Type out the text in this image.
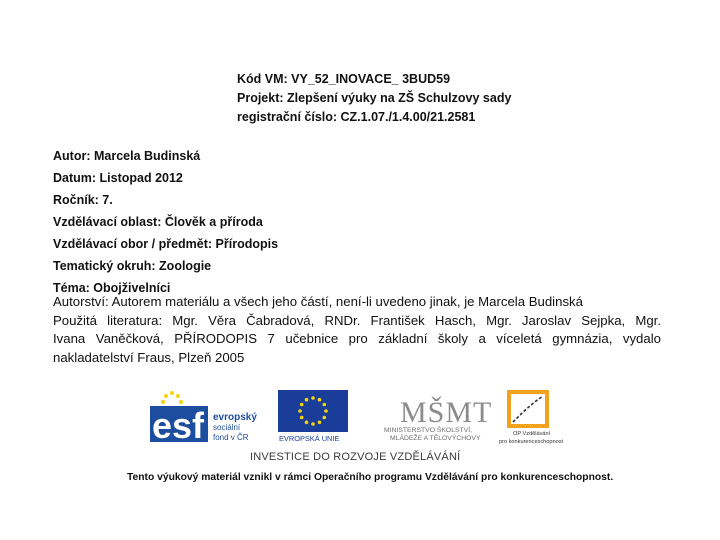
Kód VM: VY_52_INOVACE_ 3BUD59
Projekt: Zlepšení výuky na ZŠ Schulzovy sady
registrační číslo: CZ.1.07./1.4.00/21.2581
Autor: Marcela Budinská
Datum: Listopad 2012
Ročník: 7.
Vzdělávací oblast: Člověk a příroda
Vzdělávací obor / předmět: Přírodopis
Tematický okruh: Zoologie
Téma: Obojživelníci

Autorství: Autorem materiálu a všech jeho částí, není-li uvedeno jinak, je Marcela Budinská

Použitá literatura: Mgr. Věra Čabradová, RNDr. František Hasch, Mgr. Jaroslav Sejpka, Mgr.

Ivana Vaněčková, PŘÍRODOPIS 7 učebnice pro základní školy a víceletá gymnázia, vydalo

nakladatelství Fraus, Plzeň 2005

esf evropský
sociální
fond v ČR	EVROPSKÁ UNIE
MŠMT
MINISTERSTVO ŠKOLSTVÍ,
MLÁDEŽE A TĚLOVÝCHOVY
OP Vzdělávání
pro konkurenceschopnost
INVESTICE DO ROZVOJE VZDĚLÁVÁNÍ
Tento výukový materiál vznikl v rámci Operačního programu Vzdělávání pro konkurenceschopnost.
